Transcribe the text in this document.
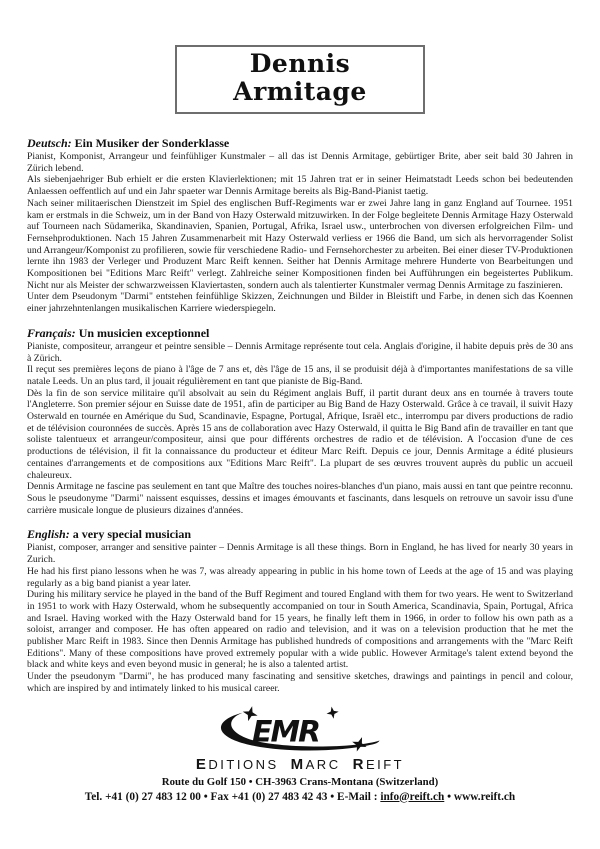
Dennis Armitage

Deutsch: Ein Musiker der Sonderklasse

Pianist, Komponist, Arrangeur und feinfühliger Kunstmaler – all das ist Dennis Armitage, gebürtiger Brite, aber seit bald 30 Jahren in Zürich lebend.

Als siebenjaehriger Bub erhielt er die ersten Klavierlektionen; mit 15 Jahren trat er in seiner Heimatstadt Leeds schon bei bedeutenden Anlaessen oeffentlich auf und ein Jahr spaeter war Dennis Armitage bereits als Big-Band-Pianist taetig.

Nach seiner militaerischen Dienstzeit im Spiel des englischen Buff-Regiments war er zwei Jahre lang in ganz England auf Tournee. 1951 kam er erstmals in die Schweiz, um in der Band von Hazy Osterwald mitzuwirken. In der Folge begleitete Dennis Armitage Hazy Osterwald auf Tourneen nach Südamerika, Skandinavien, Spanien, Portugal, Afrika, Israel usw., unterbrochen von diversen erfolgreichen Film- und Fernsehproduktionen. Nach 15 Jahren Zusammenarbeit mit Hazy Osterwald verliess er 1966 die Band, um sich als hervorragender Solist und Arrangeur/Komponist zu profilieren, sowie für verschiedene Radio- und Fernsehorchester zu arbeiten. Bei einer dieser TV-Produktionen lernte ihn 1983 der Verleger und Produzent Marc Reift kennen. Seither hat Dennis Armitage mehrere Hunderte von Bearbeitungen und Kompositionen bei "Editions Marc Reift" verlegt. Zahlreiche seiner Kompositionen finden bei Aufführungen ein begeistertes Publikum. Nicht nur als Meister der schwarzweissen Klaviertasten, sondern auch als talentierter Kunstmaler vermag Dennis Armitage zu faszinieren.

Unter dem Pseudonym "Darmi" entstehen feinfühlige Skizzen, Zeichnungen und Bilder in Bleistift und Farbe, in denen sich das Koennen einer jahrzehntenlangen musikalischen Karriere wiederspiegeln.

Français: Un musicien exceptionnel

Pianiste, compositeur, arrangeur et peintre sensible – Dennis Armitage représente tout cela. Anglais d'origine, il habite depuis près de 30 ans à Zürich.

Il reçut ses premières leçons de piano à l'âge de 7 ans et, dès l'âge de 15 ans, il se produisit déjà à d'importantes manifestations de sa ville natale Leeds. Un an plus tard, il jouait régulièrement en tant que pianiste de Big-Band.

Dès la fin de son service militaire qu'il absolvait au sein du Régiment anglais Buff, il partit durant deux ans en tournée à travers toute l'Angleterre. Son premier séjour en Suisse date de 1951, afin de participer au Big Band de Hazy Osterwald. Grâce à ce travail, il suivit Hazy Osterwald en tournée en Amérique du Sud, Scandinavie, Espagne, Portugal, Afrique, Israël etc., interrompu par divers productions de radio et de télévision couronnées de succès. Après 15 ans de collaboration avec Hazy Osterwald, il quitta le Big Band afin de travailler en tant que soliste talentueux et arrangeur/compositeur, ainsi que pour différents orchestres de radio et de télévision. A l'occasion d'une de ces productions de télévision, il fit la connaissance du producteur et éditeur Marc Reift. Depuis ce jour, Dennis Armitage a édité plusieurs centaines d'arrangements et de compositions aux "Editions Marc Reift". La plupart de ses œuvres trouvent auprès du public un accueil chaleureux.

Dennis Armitage ne fascine pas seulement en tant que Maître des touches noires-blanches d'un piano, mais aussi en tant que peintre reconnu.

Sous le pseudonyme "Darmi" naissent esquisses, dessins et images émouvants et fascinants, dans lesquels on retrouve un savoir issu d'une carrière musicale longue de plusieurs dizaines d'années.

English: a very special musician

Pianist, composer, arranger and sensitive painter – Dennis Armitage is all these things. Born in England, he has lived for nearly 30 years in Zurich.

He had his first piano lessons when he was 7, was already appearing in public in his home town of Leeds at the age of 15 and was playing regularly as a big band pianist a year later.

During his military service he played in the band of the Buff Regiment and toured England with them for two years. He went to Switzerland in 1951 to work with Hazy Osterwald, whom he subsequently accompanied on tour in South America, Scandinavia, Spain, Portugal, Africa and Israel. Having worked with the Hazy Osterwald band for 15 years, he finally left them in 1966, in order to follow his own path as a soloist, arranger and composer. He has often appeared on radio and television, and it was on a television production that he met the publisher Marc Reift in 1983. Since then Dennis Armitage has published hundreds of compositions and arrangements with the "Marc Reift Editions". Many of these compositions have proved extremely popular with a wide public. However Armitage's talent extend beyond the black and white keys and even beyond music in general; he is also a talented artist.

Under the pseudonym "Darmi", he has produced many fascinating and sensitive sketches, drawings and paintings in pencil and colour, which are inspired by and intimately linked to his musical career.

EMR
EDITIONS MARC REIFT
Route du Golf 150 • CH-3963 Crans-Montana (Switzerland)
Tel. +41 (0) 27 483 12 00 • Fax +41 (0) 27 483 42 43 • E-Mail : info@reift.ch • www.reift.ch
